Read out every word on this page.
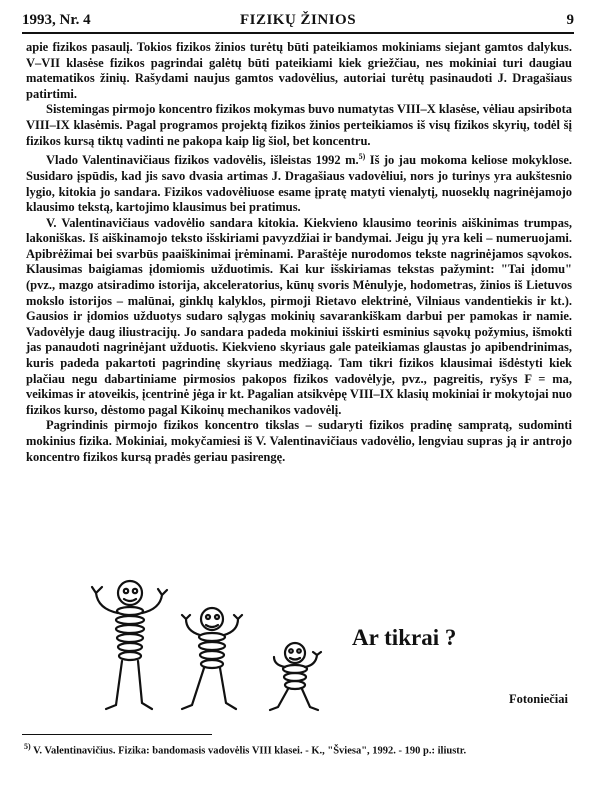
1993, Nr. 4	FIZIKŲ ŽINIOS	9

apie fizikos pasaulį. Tokios fizikos žinios turėtų būti pateikiamos mokiniams siejant gamtos dalykus. V–VII klasėse fizikos pagrindai galėtų būti pateikiami kiek griežčiau, nes mokiniai turi daugiau matematikos žinių. Rašydami naujus gamtos vadovėlius, autoriai turėtų pasinaudoti J. Dragašiaus patirtimi.

Sistemingas pirmojo koncentro fizikos mokymas buvo numatytas VIII–X klasėse, vėliau apsiribota VIII–IX klasėmis. Pagal programos projektą fizikos žinios perteikiamos iš visų fizikos skyrių, todėl šį fizikos kursą tiktų vadinti ne pakopa kaip lig šiol, bet koncentru.

Vlado Valentinavičiaus fizikos vadovėlis, išleistas 1992 m.$^{5)}$ Iš jo jau mokoma keliose mokyklose. Susidaro įspūdis, kad jis savo dvasia artimas J. Dragašiaus vadovėliui, nors jo turinys yra aukštesnio lygio, kitokia jo sandara. Fizikos vadovėliuose esame įpratę matyti vienalytį, nuoseklų nagrinėjamojo klausimo tekstą, kartojimo klausimus bei pratimus.

V. Valentinavičiaus vadovėlio sandara kitokia. Kiekvieno klausimo teorinis aiškinimas trumpas, lakoniškas. Iš aiškinamojo teksto išskiriami pavyzdžiai ir bandymai. Jeigu jų yra keli – numeruojami. Apibrėžimai bei svarbūs paaiškinimai įrėminami. Paraštėje nurodomos tekste nagrinėjamos sąvokos. Klausimas baigiamas įdomiomis užduotimis. Kai kur išskiriamas tekstas pažymint: "Tai įdomu" (pvz., mazgo atsiradimo istorija, akceleratorius, kūnų svoris Mėnulyje, hodometras, žinios iš Lietuvos mokslo istorijos – malūnai, ginklų kalyklos, pirmoji Rietavo elektrinė, Vilniaus vandentiekis ir kt.). Gausios ir įdomios užduotys sudaro sąlygas mokinių savarankiškam darbui per pamokas ir namie. Vadovėlyje daug iliustracijų. Jo sandara padeda mokiniui išskirti esminius sąvokų požymius, išmokti jas panaudoti nagrinėjant užduotis. Kiekvieno skyriaus gale pateikiamas glaustas jo apibendrinimas, kuris padeda pakartoti pagrindinę skyriaus medžiagą. Tam tikri fizikos klausimai išdėstyti kiek plačiau negu dabartiniame pirmosios pakopos fizikos vadovėlyje, pvz., pagreitis, ryšys F = ma, veikimas ir atoveikis, įcentrinė jėga ir kt. Pagalian atsikvėpę VIII–IX klasių mokiniai ir mokytojai nuo fizikos kurso, dėstomo pagal Kikoinų mechanikos vadovėlį.

Pagrindinis pirmojo fizikos koncentro tikslas – sudaryti fizikos pradinę sampratą, sudominti mokinius fizika. Mokiniai, mokyčamiesi iš V. Valentinavičiaus vadovėlio, lengviau supras ją ir antrojo koncentro fizikos kursą pradės geriau pasirengę.

Ar tikrai ?
Fotoniečiai
$^{5)}$ V. Valentinavičius. Fizika: bandomasis vadovėlis VIII klasei. - K., "Šviesa", 1992. - 190 p.: iliustr.
